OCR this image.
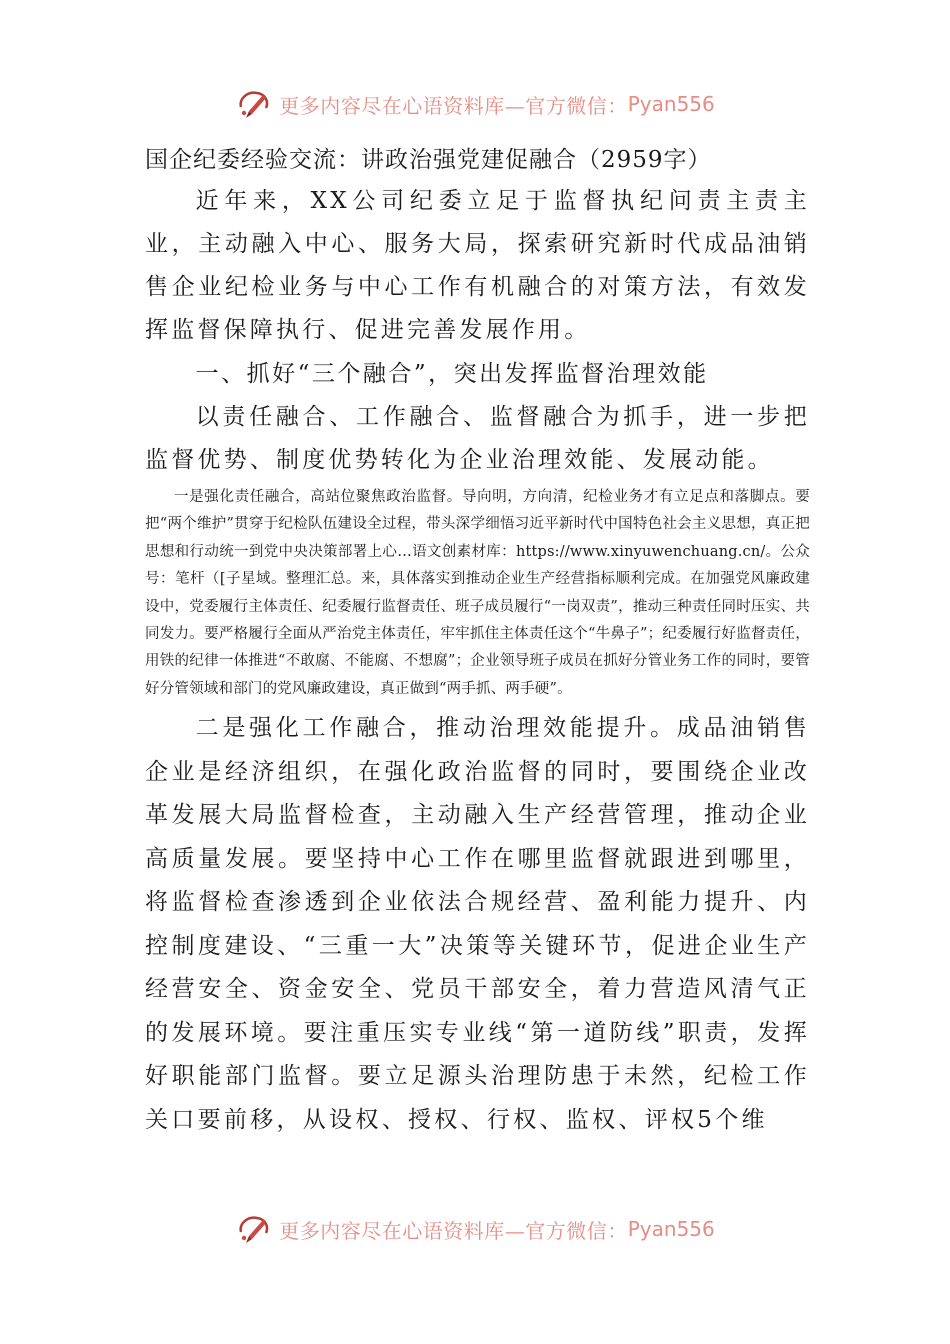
更多内容尽在心语资料库—官方微信： Pyan556

国企纪委经验交流：讲政治强党建促融合（2959字）

近年来，XX公司纪委立足于监督执纪问责主责主业，主动融入中心、服务大局，探索研究新时代成品油销售企业纪检业务与中心工作有机融合的对策方法，有效发挥监督保障执行、促进完善发展作用。

一、抓好“三个融合”，突出发挥监督治理效能

以责任融合、工作融合、监督融合为抓手，进一步把监督优势、制度优势转化为企业治理效能、发展动能。

一是强化责任融合，高站位聚焦政治监督。导向明，方向清，纪检业务才有立足点和落脚点。要把“两个维护”贯穿于纪检队伍建设全过程，带头深学细悟习近平新时代中国特色社会主义思想，真正把思想和行动统一到党中央决策部署上心…语文创素材库：https://www.xinyuwenchuang.cn/。公众号：笔杆（[子星域。整理汇总。来，具体落实到推动企业生产经营指标顺利完成。在加强党风廉政建设中，党委履行主体责任、纪委履行监督责任、班子成员履行“一岗双责”，推动三种责任同时压实、共同发力。要严格履行全面从严治党主体责任，牢牢抓住主体责任这个“牛鼻子”；纪委履行好监督责任，用铁的纪律一体推进“不敢腐、不能腐、不想腐”；企业领导班子成员在抓好分管业务工作的同时，要管好分管领域和部门的党风廉政建设，真正做到“两手抓、两手硬”。

二是强化工作融合，推动治理效能提升。成品油销售企业是经济组织，在强化政治监督的同时，要围绕企业改革发展大局监督检查，主动融入生产经营管理，推动企业高质量发展。要坚持中心工作在哪里监督就跟进到哪里，将监督检查渗透到企业依法合规经营、盈利能力提升、内控制度建设、“三重一大”决策等关键环节，促进企业生产经营安全、资金安全、党员干部安全，着力营造风清气正的发展环境。要注重压实专业线“第一道防线”职责，发挥好职能部门监督。要立足源头治理防患于未然，纪检工作关口要前移，从设权、授权、行权、监权、评权5个维

更多内容尽在心语资料库—官方微信： Pyan556
